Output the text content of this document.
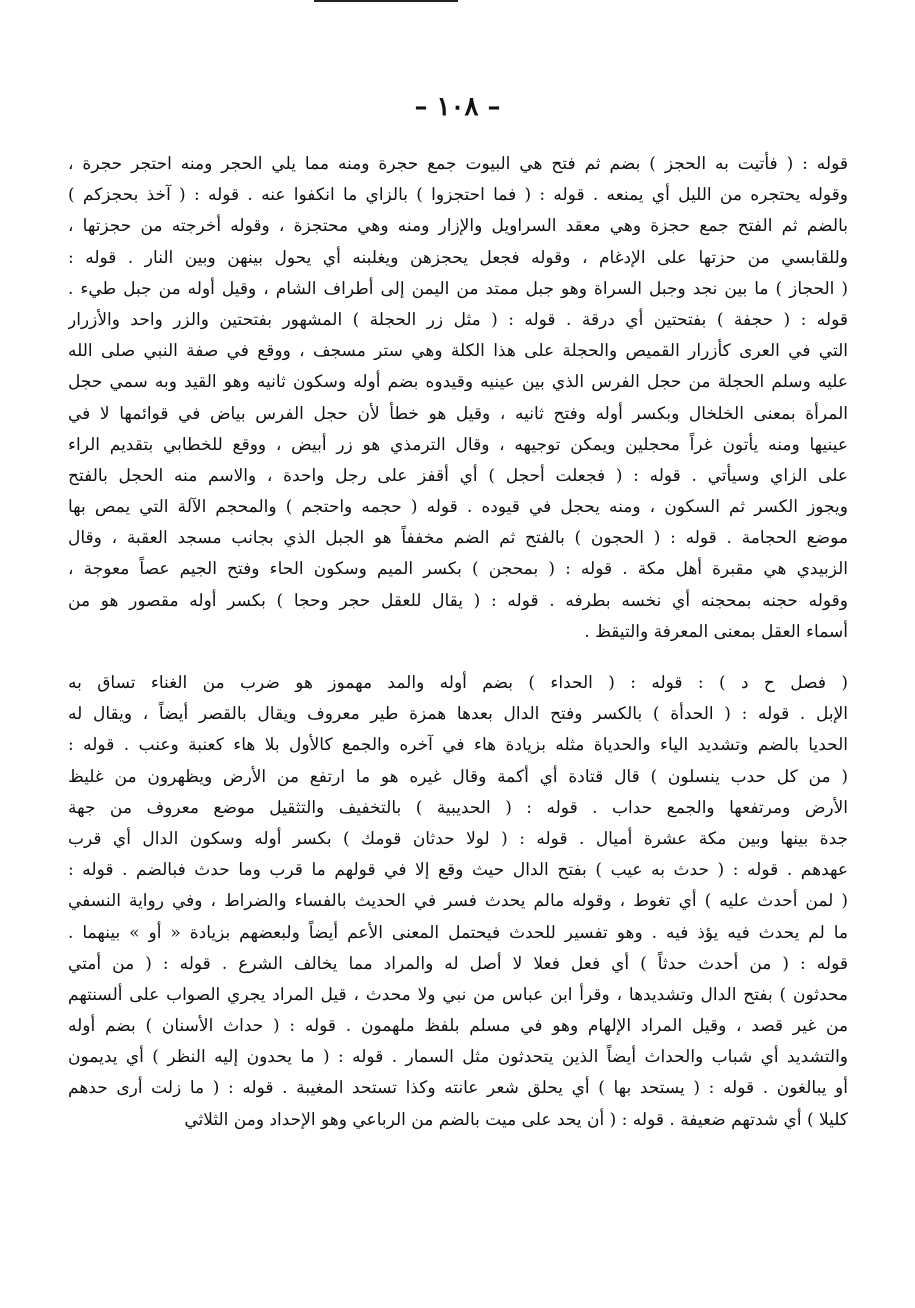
– ١٠٨ –
قوله : ( فأتيت به الحجز ) بضم ثم فتح هي البيوت جمع حجرة ومنه مما يلي الحجر ومنه احتجر حجرة ،
وقوله يحتجره من الليل أي يمنعه . قوله : ( فما احتجزوا ) بالزاي ما انكفوا عنه . قوله : ( آخذ بحجزكم )
بالضم ثم الفتح جمع حجزة وهي معقد السراويل والإزار ومنه وهي محتجزة ، وقوله أخرجته من حجزتها ،
وللقابسي من حزتها على الإدغام ، وقوله فجعل يحجزهن ويغلبنه أي يحول بينهن وبين النار . قوله :
( الحجاز ) ما بين نجد وجبل السراة وهو جبل ممتد من اليمن إلى أطراف الشام ، وقيل أوله من جبل طيء .
قوله : ( حجفة ) بفتحتين أي درقة . قوله : ( مثل زر الحجلة ) المشهور بفتحتين والزر واحد والأزرار
التي في العرى كأزرار القميص والحجلة على هذا الكلة وهي ستر مسجف ، ووقع في صفة النبي صلى الله
عليه وسلم الحجلة من حجل الفرس الذي بين عينيه وقيدوه بضم أوله وسكون ثانيه وهو القيد وبه سمي حجل
المرأة بمعنى الخلخال وبكسر أوله وفتح ثانيه ، وقيل هو خطأ لأن حجل الفرس بياض في قوائمها لا في
عينيها ومنه يأتون غراً محجلين ويمكن توجيهه ، وقال الترمذي هو زر أبيض ، ووقع للخطابي بتقديم الراء
على الزاي وسيأتي . قوله : ( فجعلت أحجل ) أي أقفز على رجل واحدة ، والاسم منه الحجل بالفتح
ويجوز الكسر ثم السكون ، ومنه يحجل في قيوده . قوله ( حجمه واحتجم ) والمحجم الآلة التي يمص بها
موضع الحجامة . قوله : ( الحجون ) بالفتح ثم الضم مخففاً هو الجبل الذي بجانب مسجد العقبة ، وقال
الزبيدي هي مقبرة أهل مكة . قوله : ( بمحجن ) بكسر الميم وسكون الحاء وفتح الجيم عصاً معوجة ،
وقوله حجنه بمحجنه أي نخسه بطرفه . قوله : ( يقال للعقل حجر وحجا ) بكسر أوله مقصور هو من
أسماء العقل بمعنى المعرفة والتيقظ .
( فصل ح د ) : قوله : ( الحداء ) بضم أوله والمد مهموز هو ضرب من الغناء تساق به
الإبل . قوله : ( الحدأة ) بالكسر وفتح الدال بعدها همزة طير معروف ويقال بالقصر أيضاً ، ويقال له
الحديا بالضم وتشديد الياء والحدياة مثله بزيادة هاء في آخره والجمع كالأول بلا هاء كعنبة وعنب . قوله :
( من كل حدب ينسلون ) قال قتادة أي أكمة وقال غيره هو ما ارتفع من الأرض ويظهرون من غليظ
الأرض ومرتفعها والجمع حداب . قوله : ( الحديبية ) بالتخفيف والتثقيل موضع معروف من جهة
جدة بينها وبين مكة عشرة أميال . قوله : ( لولا حدثان قومك ) بكسر أوله وسكون الدال أي قرب
عهدهم . قوله : ( حدث به عيب ) بفتح الدال حيث وقع إلا في قولهم ما قرب وما حدث فبالضم . قوله :
( لمن أحدث عليه ) أي تغوط ، وقوله مالم يحدث فسر في الحديث بالفساء والضراط ، وفي رواية النسفي
ما لم يحدث فيه يؤذ فيه . وهو تفسير للحدث فيحتمل المعنى الأعم أيضاً ولبعضهم بزيادة « أو » بينهما .
قوله : ( من أحدث حدثاً ) أي فعل فعلا لا أصل له والمراد مما يخالف الشرع . قوله : ( من أمتي
محدثون ) بفتح الدال وتشديدها ، وقرأ ابن عباس من نبي ولا محدث ، قيل المراد يجري الصواب على ألسنتهم
من غير قصد ، وقيل المراد الإلهام وهو في مسلم بلفظ ملهمون . قوله : ( حداث الأسنان ) بضم أوله
والتشديد أي شباب والحداث أيضاً الذين يتحدثون مثل السمار . قوله : ( ما يحدون إليه النظر ) أي يديمون
أو يبالغون . قوله : ( يستحد بها ) أي يحلق شعر عانته وكذا تستحد المغيبة . قوله : ( ما زلت أرى حدهم
كليلا ) أي شدتهم ضعيفة . قوله : ( أن يحد على ميت بالضم من الرباعي وهو الإحداد ومن الثلاثي
